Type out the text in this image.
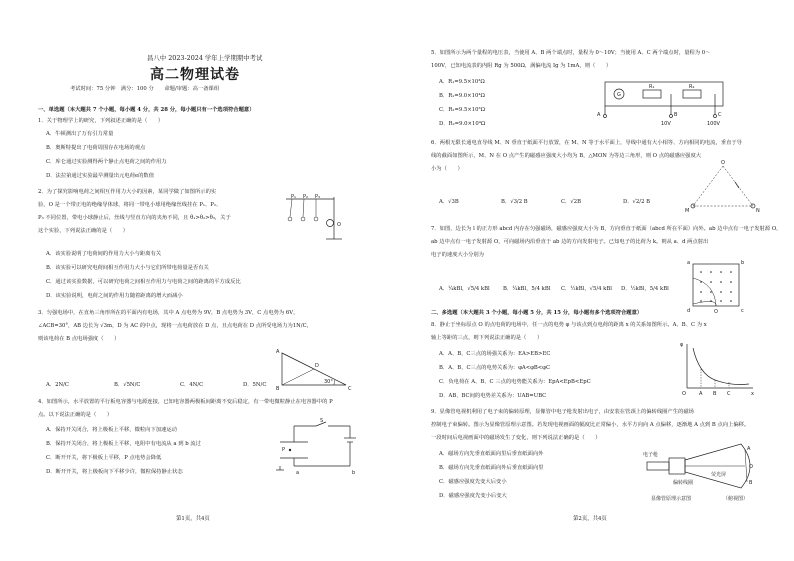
昌八中 2023-2024 学年上学期期中考试
高二物理试卷
考试时间：75 分钟　满分：100 分　　命题/审题：高一备课组
一、单选题（本大题共 7 个小题，每小题 4 分，共 28 分，每小题只有一个选项符合题意）
1．关于物理学上的研究，下列叙述正确的是（　　）
A．牛顿测出了万有引力常量
B．奥斯特提出了电荷周围存在电场的观点
C．库仑通过实验测得两个静止点电荷之间的作用力
D．法拉第通过实验最早测量出元电荷e的数值
2．为了探究影响电荷之间相互作用力大小的因素，某同学做了如图所示的实
验，O 是一个带正电的绝缘导体球，将同一带电小球用绝缘丝线挂在 P₁、P₂、
P₃ 不同位置，带电小球静止后，丝线与竖直方向的夹角不同，且 θ₁>θ₂>θ₃，关于
这个实验，下列说法正确的是（　　）
P₁ P₂ P₃
O
A．该实验说明了电荷间的作用力大小与距离有关
B．该实验可以研究电荷间相互作用力大小与它们所带电荷量是否有关
C．通过该实验数据，可以研究电荷之间相互作用力与电荷之间的距离的平方成反比
D．该实验说明，电荷之间的作用力随着距离的增大而减小
3．匀强电场中，在直角三角形所在的平面内有电场，其中 A 点电势为 9V，B 点电势为 3V，C 点电势为 6V，
∠ACB=30°，AB 边长为 √3m，D 为 AC 的中点，现将一点电荷放在 D 点，且点电荷在 D 点所受电场力为1N/C，
则该电荷在 B 点电场强度（　　）
A
D
B	C
30°
A．2N/C	B．√5N/C	C．4N/C	D．5N/C
4．如图所示，水平放置的平行板电容器与电源连接，已知电容器两极板间距离不变后稳定，有一带电微粒静止在电容器中的 P
点。以下说法正确的是（　　）
A．保持开关闭合，将上极板上平移，微粒向下加速运动
B．保持开关闭合，将上极板上平移，电阻中有电流从 a 到 b 流过
C．断开开关，将下极板上平移，P 点电势会降低
D．断开开关，将上极板向下平移少许，微粒保持静止状态
S
P
a	b
第1页，共4页
5．如图所示为两个量程的电压表，当使用 A、B 两个端点时，量程为 0～10V；当使用 A、C 两个端点时，量程为 0～
100V，已知电流表的内阻 Rg 为 500Ω，满偏电流 Ig 为 1mA，则（　　）
A．R₁=9.5×10³Ω
B．R₁=9.0×10⁴Ω
C．R₂=9.5×10³Ω
D．R₂=9.0×10⁴Ω
G
R₁	R₂
A	B	C
10V	100V
6．两根无限长通电直导线 M、N 垂直于纸面平行放置，在 M、N 等于水平面上，导线中通有大小相等、方向相同的电流，垂直于导
线的截面如图所示，M、N 在 O 点产生的磁感应强度大小均为 B，△MON 为等边三角形，则 O 点的磁感应强度大
小为（　　）
A．√3B	B．√3/2 B	C．√2B	D．√2/2 B
M	N
O
7．如图，边长为 l 的正方形 abcd 内存在匀强磁场，磁感应强度大小为 B，方向垂直于纸面（abcd 所在平面）向外。ab 边中点有一电子发射源 O，
ab 边中点有一电子发射源 O，可向磁场内沿垂直于 ab 边的方向发射电子。已知电子的比荷为 k。则从 a、d 两点射出
电子的速度大小分别为
A．¼kBl，√5/4 kBl	B．¼kBl，5/4 kBl C．½kBl，√5/4 kBl D．½kBl，5/4 kBl
a	b
c
d	O
二、多选题（本大题共 3 个小题，每小题 5 分，共 15 分，每小题有多个选项符合题意）
8．静止于坐标原点 O 的点电荷的电场中，任一点的电势 φ 与该点到点电荷的距离 x 的关系如图所示。A、B、C 为 x
轴上等距的三点，则下列说法正确的是（　　）
A．A、B、C三点的场强关系为：EA>EB>EC
B．A、B、C三点的电势关系为：φA<φB<φC
C．负电荷在 A、B、C 三点的电势能关系为：EpA<EpB<EpC
D．AB、BC间的电势差关系为：UAB=UBC
φ
O	A B C	x
9．显像管电视机利用了电子束的偏转原理，显像管中电子枪发射出电子，由安装在管颈上的偏转线圈产生的磁场
控制电子束偏转。图示为显像管原理示意图。若发现电视画面的幅度比正常偏小，水平方向向 A 点偏移，逐渐地 A 点到 B 点向上偏移。
一段时间后电视画面中的磁场发生了变化，则下列说法正确的是（　　）
A．磁场方向先垂直纸面向里后垂直纸面向外
B．磁场方向先垂直纸面向外后垂直纸面向里
C．磁感应强度先变大后变小
D．磁感应强度先变小后变大
电子枪
偏转线圈
荧光屏
显像管原理示意图	（俯视图）
A
B
O
第2页，共4页
